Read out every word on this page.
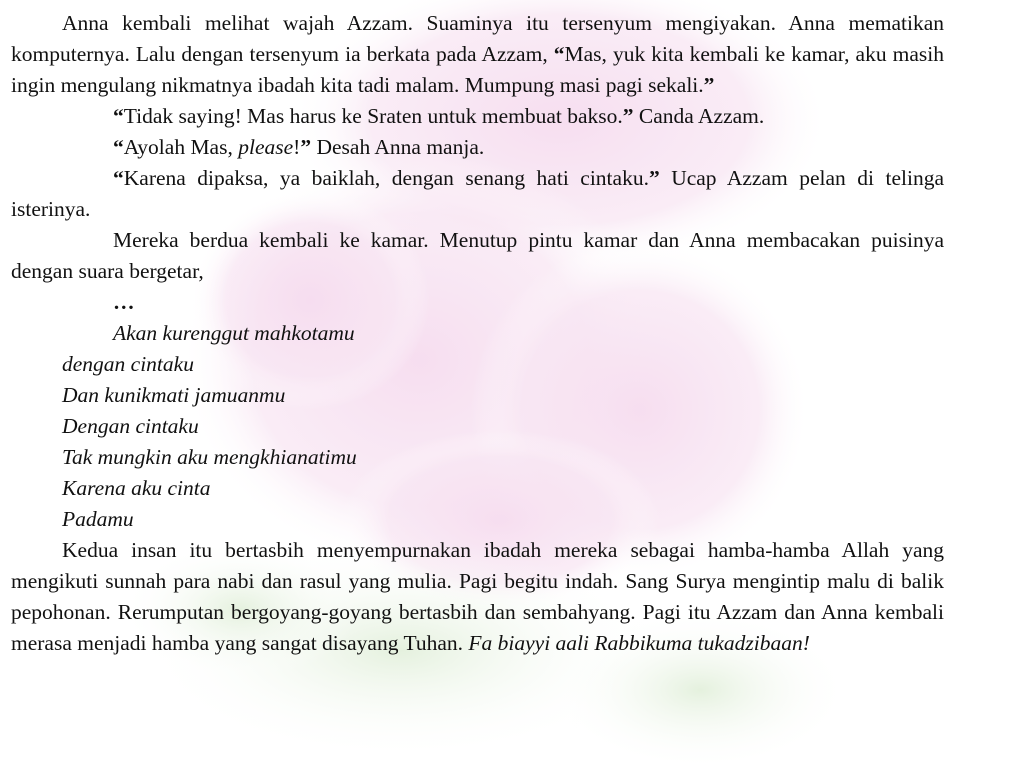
Anna kembali melihat wajah Azzam. Suaminya itu tersenyum mengiyakan. Anna mematikan komputernya. Lalu dengan tersenyum ia berkata pada Azzam, “Mas, yuk kita kembali ke kamar, aku masih ingin mengulang nikmatnya ibadah kita tadi malam. Mumpung masi pagi sekali.”

“Tidak saying! Mas harus ke Sraten untuk membuat bakso.” Canda Azzam.

“Ayolah Mas, please!” Desah Anna manja.

“Karena dipaksa, ya baiklah, dengan senang hati cintaku.” Ucap Azzam pelan di telinga isterinya.

Mereka berdua kembali ke kamar. Menutup pintu kamar dan Anna membacakan puisinya dengan suara bergetar,

…

Akan kurenggut mahkotamu

dengan cintaku

Dan kunikmati jamuanmu

Dengan cintaku

Tak mungkin aku mengkhianatimu

Karena aku cinta

Padamu

Kedua insan itu bertasbih menyempurnakan ibadah mereka sebagai hamba-hamba Allah yang mengikuti sunnah para nabi dan rasul yang mulia. Pagi begitu indah. Sang Surya mengintip malu di balik pepohonan. Rerumputan bergoyang-goyang bertasbih dan sembahyang. Pagi itu Azzam dan Anna kembali merasa menjadi hamba yang sangat disayang Tuhan. Fa biayyi aali Rabbikuma tukadzibaan!
